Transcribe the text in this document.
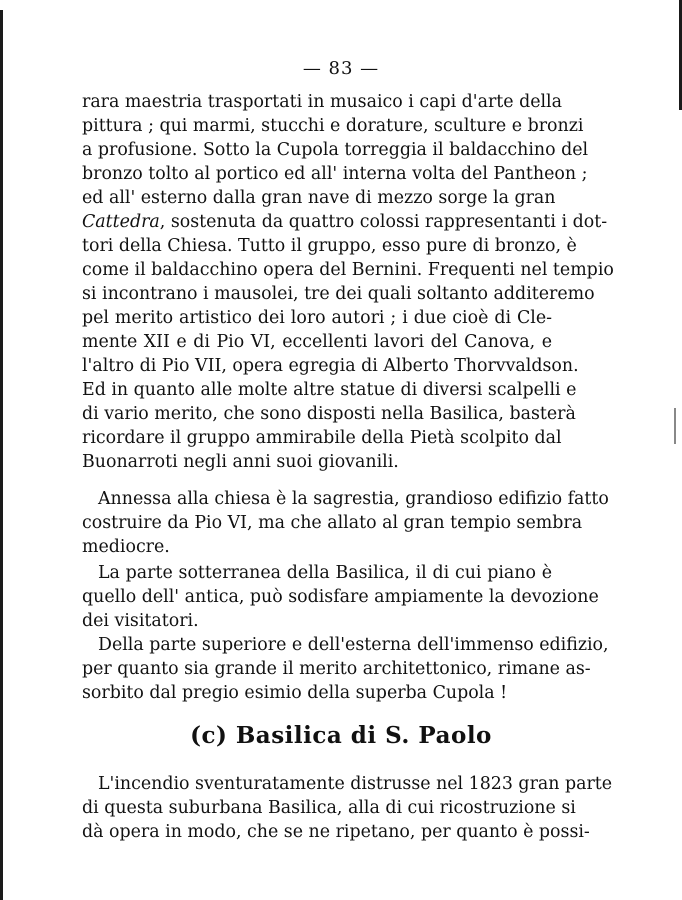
— 83 —
rara maestria trasportati in musaico i capi d'arte della
pittura ; qui marmi, stucchi e dorature, sculture e bronzi
a profusione. Sotto la Cupola torreggia il baldacchino del
bronzo tolto al portico ed all' interna volta del Pantheon ;
ed all' esterno dalla gran nave di mezzo sorge la gran
Cattedra, sostenuta da quattro colossi rappresentanti i dot-
tori della Chiesa. Tutto il gruppo, esso pure di bronzo, è
come il baldacchino opera del Bernini. Frequenti nel tempio
si incontrano i mausolei, tre dei quali soltanto additeremo
pel merito artistico dei loro autori ; i due cioè di Cle-
mente XII e di Pio VI, eccellenti lavori del Canova, e
l'altro di Pio VII, opera egregia di Alberto Thorvvaldson.
Ed in quanto alle molte altre statue di diversi scalpelli e
di vario merito, che sono disposti nella Basilica, basterà
ricordare il gruppo ammirabile della Pietà scolpito dal
Buonarroti negli anni suoi giovanili.
Annessa alla chiesa è la sagrestia, grandioso edifizio fatto
costruire da Pio VI, ma che allato al gran tempio sembra
mediocre.
La parte sotterranea della Basilica, il di cui piano è
quello dell' antica, può sodisfare ampiamente la devozione
dei visitatori.
Della parte superiore e dell'esterna dell'immenso edifizio,
per quanto sia grande il merito architettonico, rimane as-
sorbito dal pregio esimio della superba Cupola !
(c) Basilica di S. Paolo
L'incendio sventuratamente distrusse nel 1823 gran parte
di questa suburbana Basilica, alla di cui ricostruzione si
dà opera in modo, che se ne ripetano, per quanto è possi-
